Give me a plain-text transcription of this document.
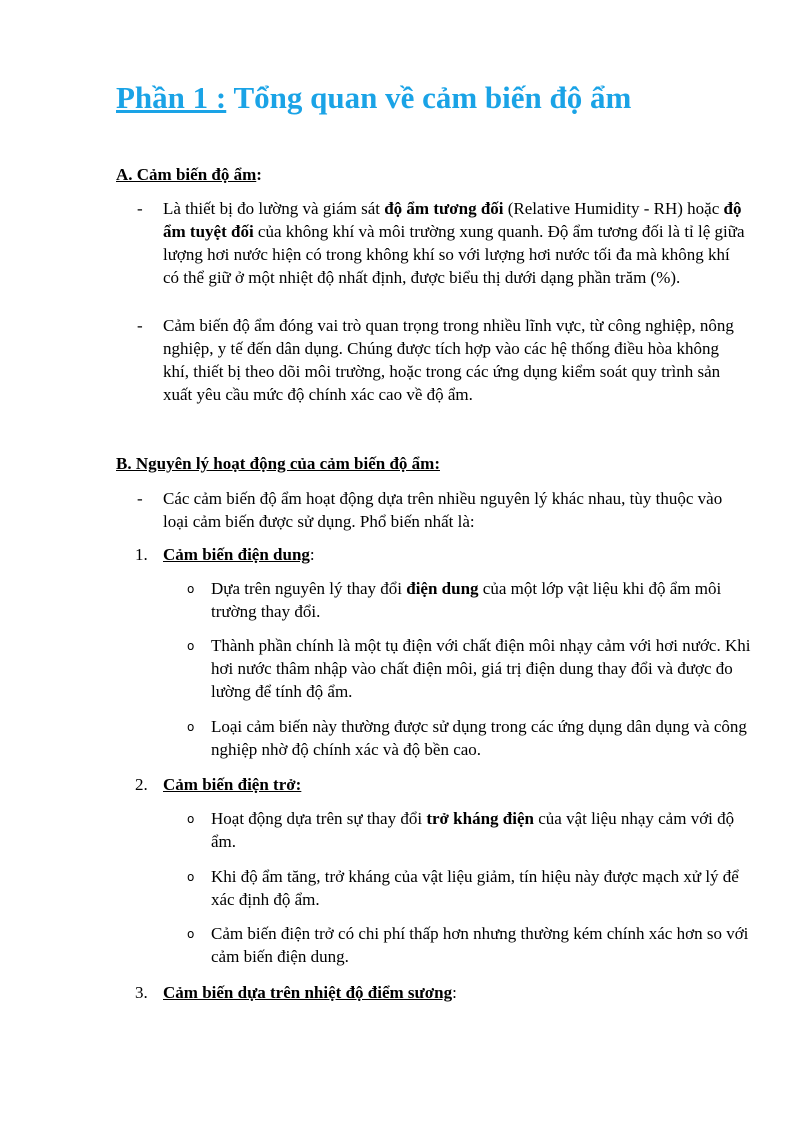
Phần 1 : Tổng quan về cảm biến độ ẩm
A. Cảm biến độ ẩm:
- Là thiết bị đo lường và giám sát độ ẩm tương đối (Relative Humidity - RH) hoặc độ ẩm tuyệt đối của không khí và môi trường xung quanh. Độ ẩm tương đối là tỉ lệ giữa lượng hơi nước hiện có trong không khí so với lượng hơi nước tối đa mà không khí có thể giữ ở một nhiệt độ nhất định, được biểu thị dưới dạng phần trăm (%).
- Cảm biến độ ẩm đóng vai trò quan trọng trong nhiều lĩnh vực, từ công nghiệp, nông nghiệp, y tế đến dân dụng. Chúng được tích hợp vào các hệ thống điều hòa không khí, thiết bị theo dõi môi trường, hoặc trong các ứng dụng kiểm soát quy trình sản xuất yêu cầu mức độ chính xác cao về độ ẩm.
B. Nguyên lý hoạt động của cảm biến độ ẩm:
- Các cảm biến độ ẩm hoạt động dựa trên nhiều nguyên lý khác nhau, tùy thuộc vào loại cảm biến được sử dụng. Phổ biến nhất là:
1. Cảm biến điện dung:
o Dựa trên nguyên lý thay đổi điện dung của một lớp vật liệu khi độ ẩm môi trường thay đổi.
o Thành phần chính là một tụ điện với chất điện môi nhạy cảm với hơi nước. Khi hơi nước thâm nhập vào chất điện môi, giá trị điện dung thay đổi và được đo lường để tính độ ẩm.
o Loại cảm biến này thường được sử dụng trong các ứng dụng dân dụng và công nghiệp nhờ độ chính xác và độ bền cao.
2. Cảm biến điện trở:
o Hoạt động dựa trên sự thay đổi trở kháng điện của vật liệu nhạy cảm với độ ẩm.
o Khi độ ẩm tăng, trở kháng của vật liệu giảm, tín hiệu này được mạch xử lý để xác định độ ẩm.
o Cảm biến điện trở có chi phí thấp hơn nhưng thường kém chính xác hơn so với cảm biến điện dung.
3. Cảm biến dựa trên nhiệt độ điểm sương:
